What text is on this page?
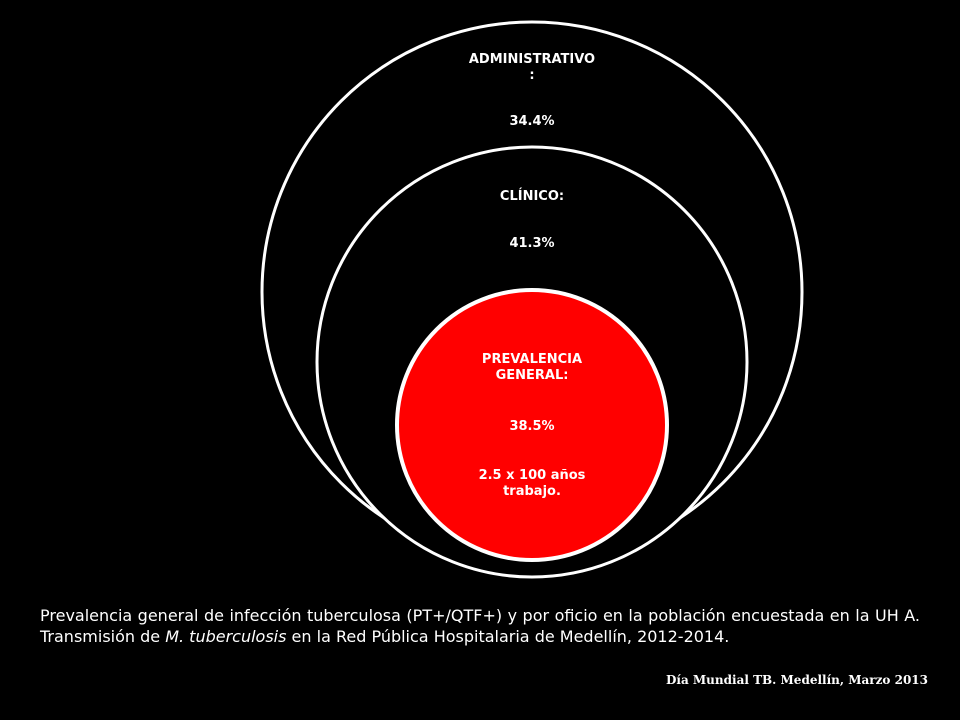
ADMINISTRATIVO
:
34.4%
CLÍNICO:
41.3%
PREVALENCIA GENERAL:
38.5%
2.5 x 100 años trabajo.
Prevalencia general de infección tuberculosa (PT+/QTF+) y por oficio en la población encuestada en la UH A. Transmisión de M. tuberculosis en la Red Pública Hospitalaria de Medellín, 2012-2014.
Día Mundial TB. Medellín, Marzo 2013
